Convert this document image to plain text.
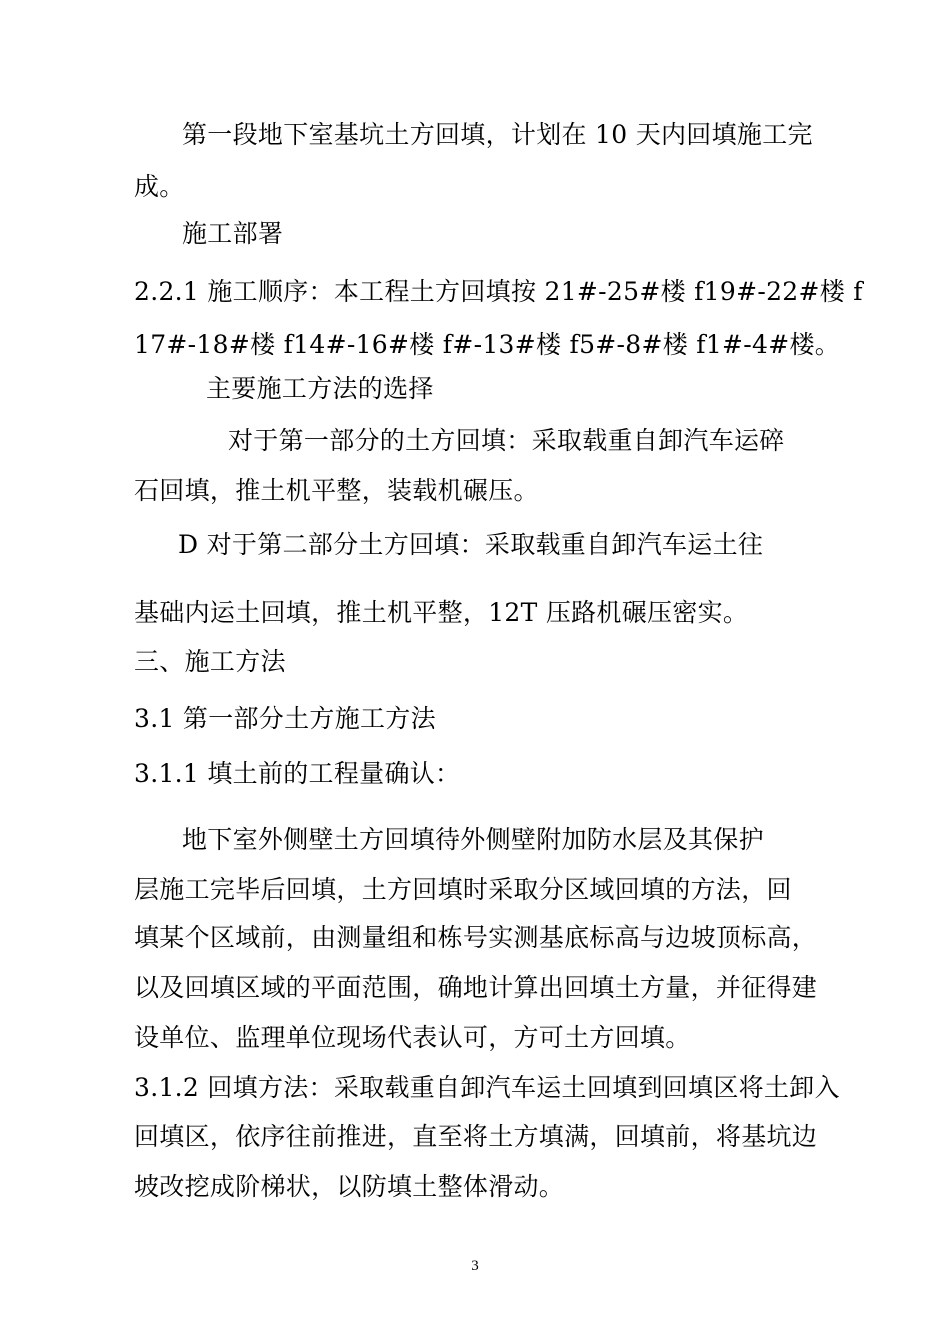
第一段地下室基坑土方回填，计划在 10 天内回填施工完
成。
施工部署
2.2.1 施工顺序：本工程土方回填按 21#-25#楼 f19#-22#楼 f
17#-18#楼 f14#-16#楼 f#-13#楼 f5#-8#楼 f1#-4#楼。
主要施工方法的选择
对于第一部分的土方回填：采取载重自卸汽车运碎
石回填，推土机平整，装载机碾压。
D 对于第二部分土方回填：采取载重自卸汽车运土往
基础内运土回填，推土机平整，12T 压路机碾压密实。
三、施工方法
3.1 第一部分土方施工方法
3.1.1 填土前的工程量确认：
地下室外侧壁土方回填待外侧壁附加防水层及其保护
层施工完毕后回填，土方回填时采取分区域回填的方法，回
填某个区域前，由测量组和栋号实测基底标高与边坡顶标高，
以及回填区域的平面范围，确地计算出回填土方量，并征得建
设单位、监理单位现场代表认可，方可土方回填。
3.1.2 回填方法：采取载重自卸汽车运土回填到回填区将土卸入
回填区，依序往前推进，直至将土方填满，回填前，将基坑边
坡改挖成阶梯状，以防填土整体滑动。
3
